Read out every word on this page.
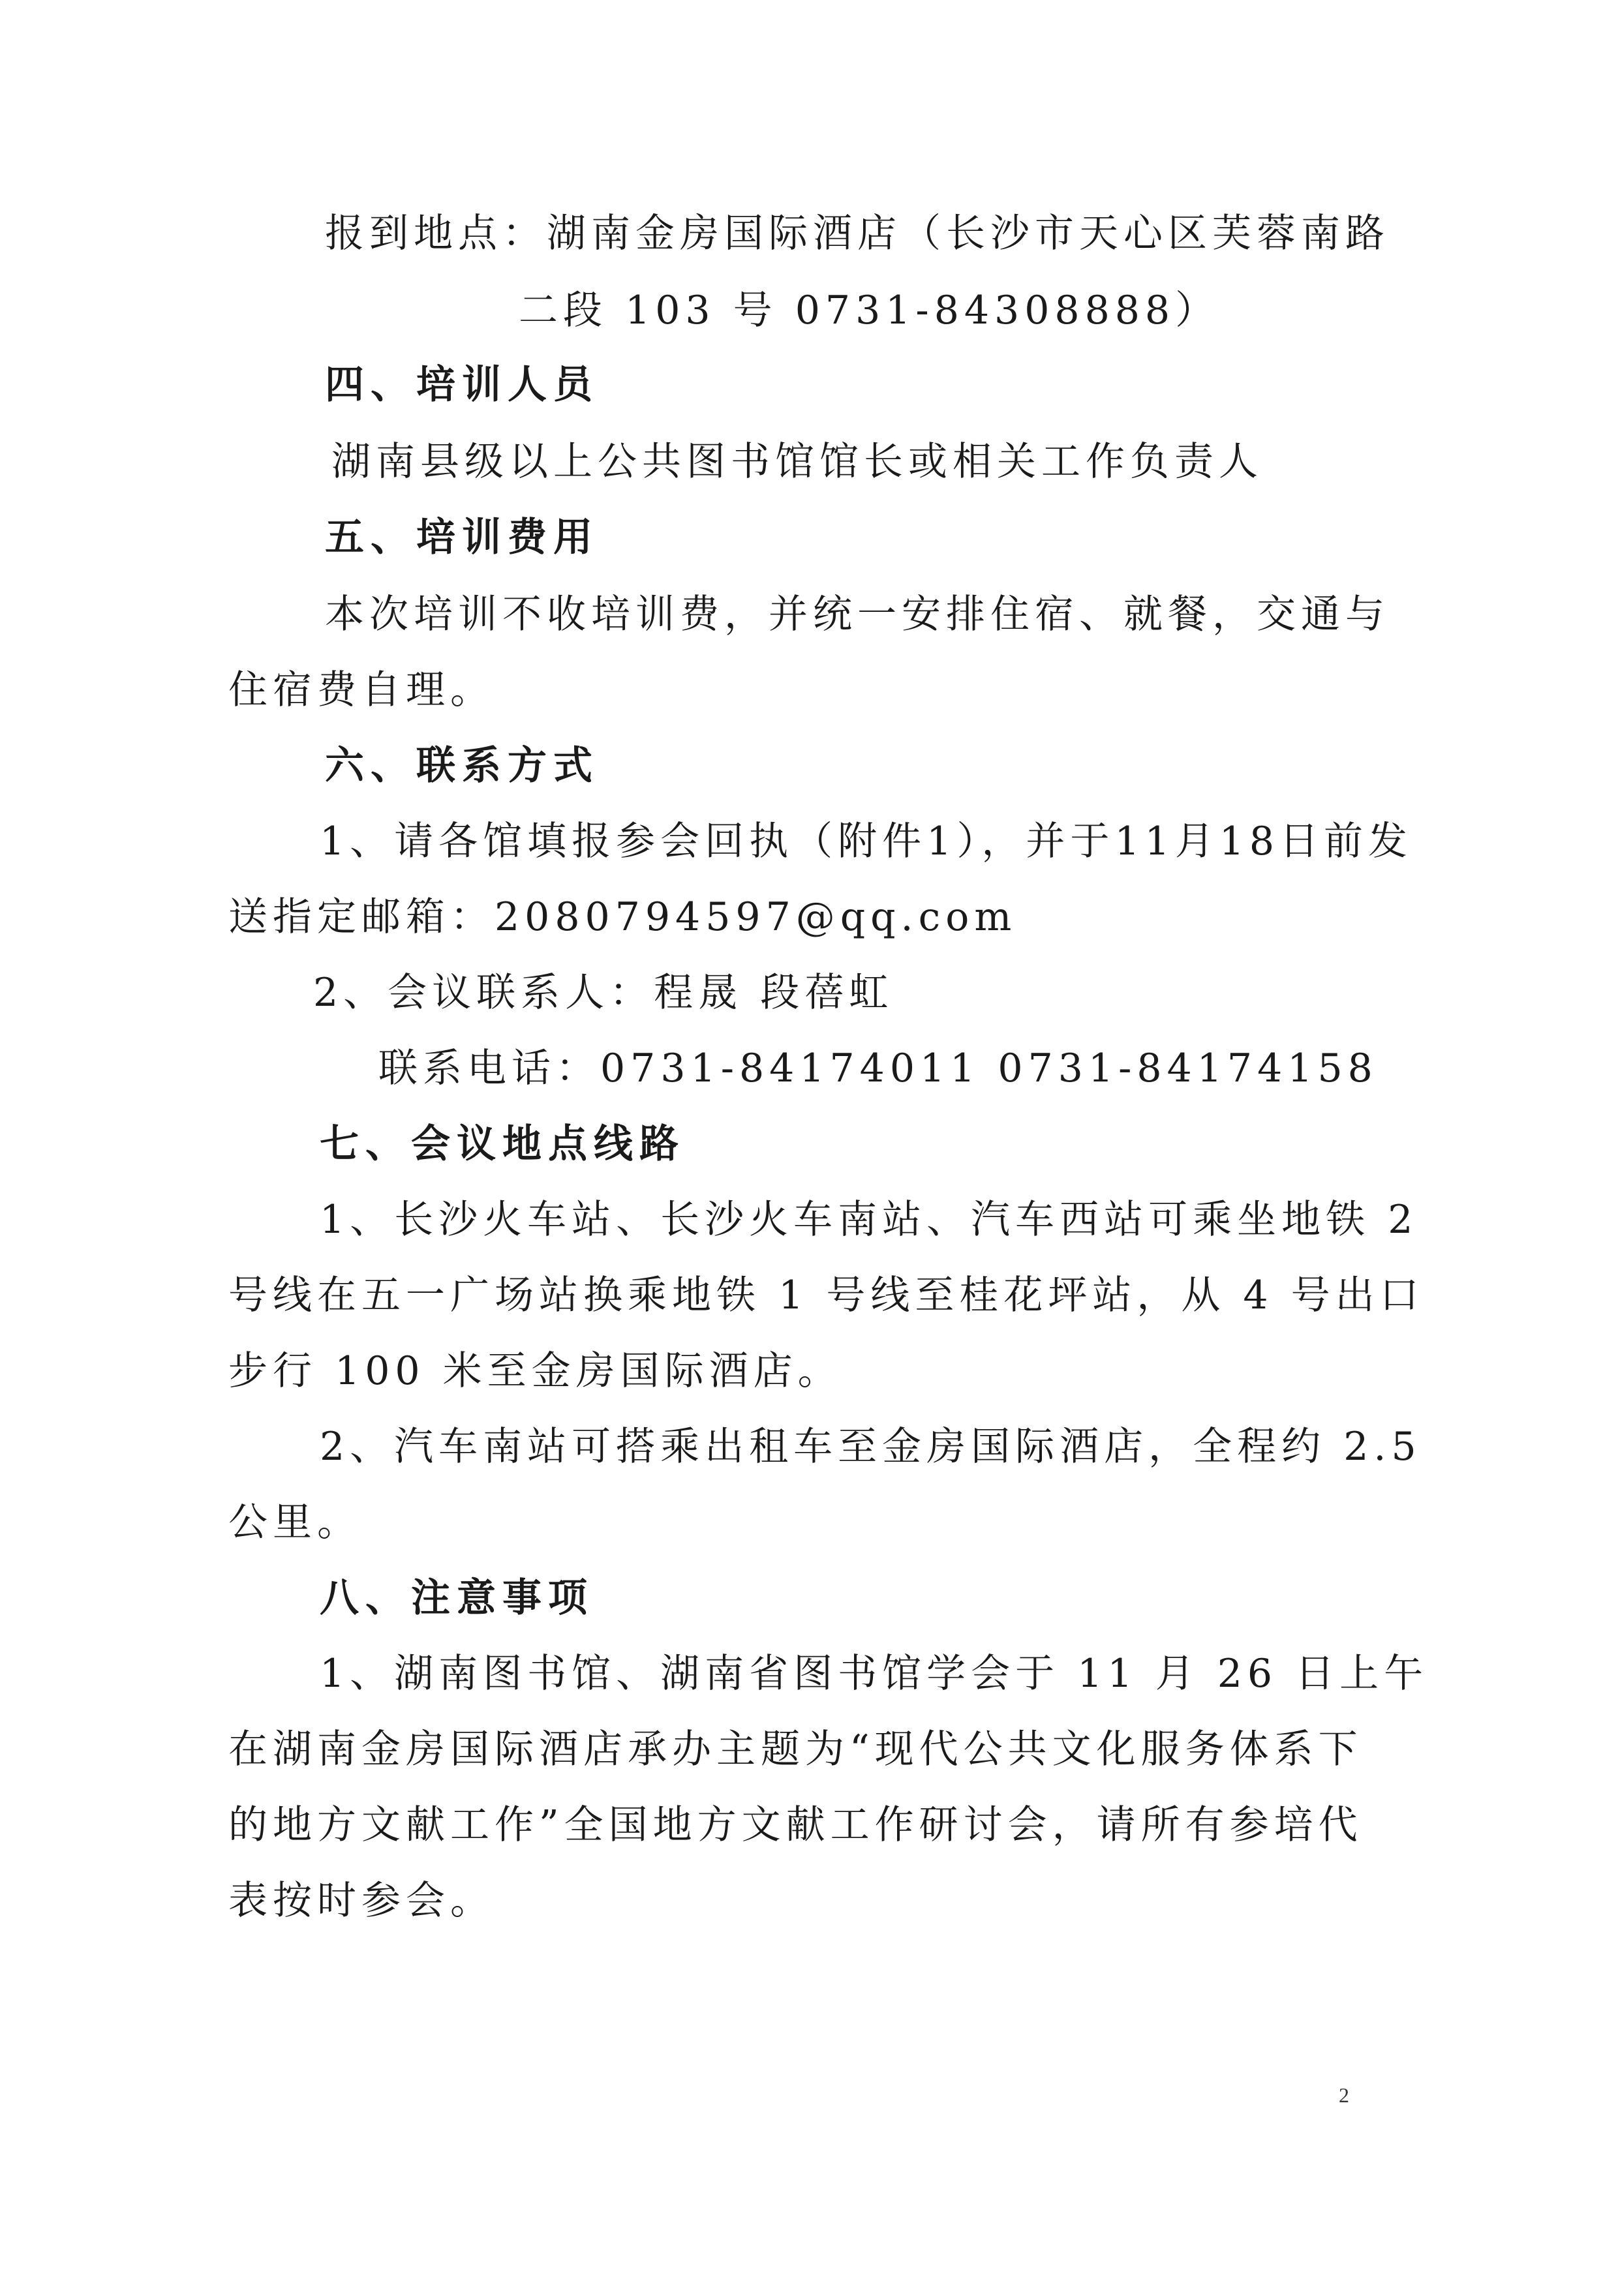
报到地点：湖南金房国际酒店（长沙市天心区芙蓉南路
二段 103 号 0731-84308888）
四、培训人员
湖南县级以上公共图书馆馆长或相关工作负责人
五、培训费用
本次培训不收培训费，并统一安排住宿、就餐，交通与
住宿费自理。
六、联系方式
1、请各馆填报参会回执（附件1），并于11月18日前发
送指定邮箱：2080794597@qq.com
2、会议联系人：程晟 段蓓虹
联系电话：0731-84174011 0731-84174158
七、会议地点线路
1、长沙火车站、长沙火车南站、汽车西站可乘坐地铁 2
号线在五一广场站换乘地铁 1 号线至桂花坪站，从 4 号出口
步行 100 米至金房国际酒店。
2、汽车南站可搭乘出租车至金房国际酒店，全程约 2.5
公里。
八、注意事项
1、湖南图书馆、湖南省图书馆学会于 11 月 26 日上午
在湖南金房国际酒店承办主题为“现代公共文化服务体系下
的地方文献工作”全国地方文献工作研讨会，请所有参培代
表按时参会。
2
